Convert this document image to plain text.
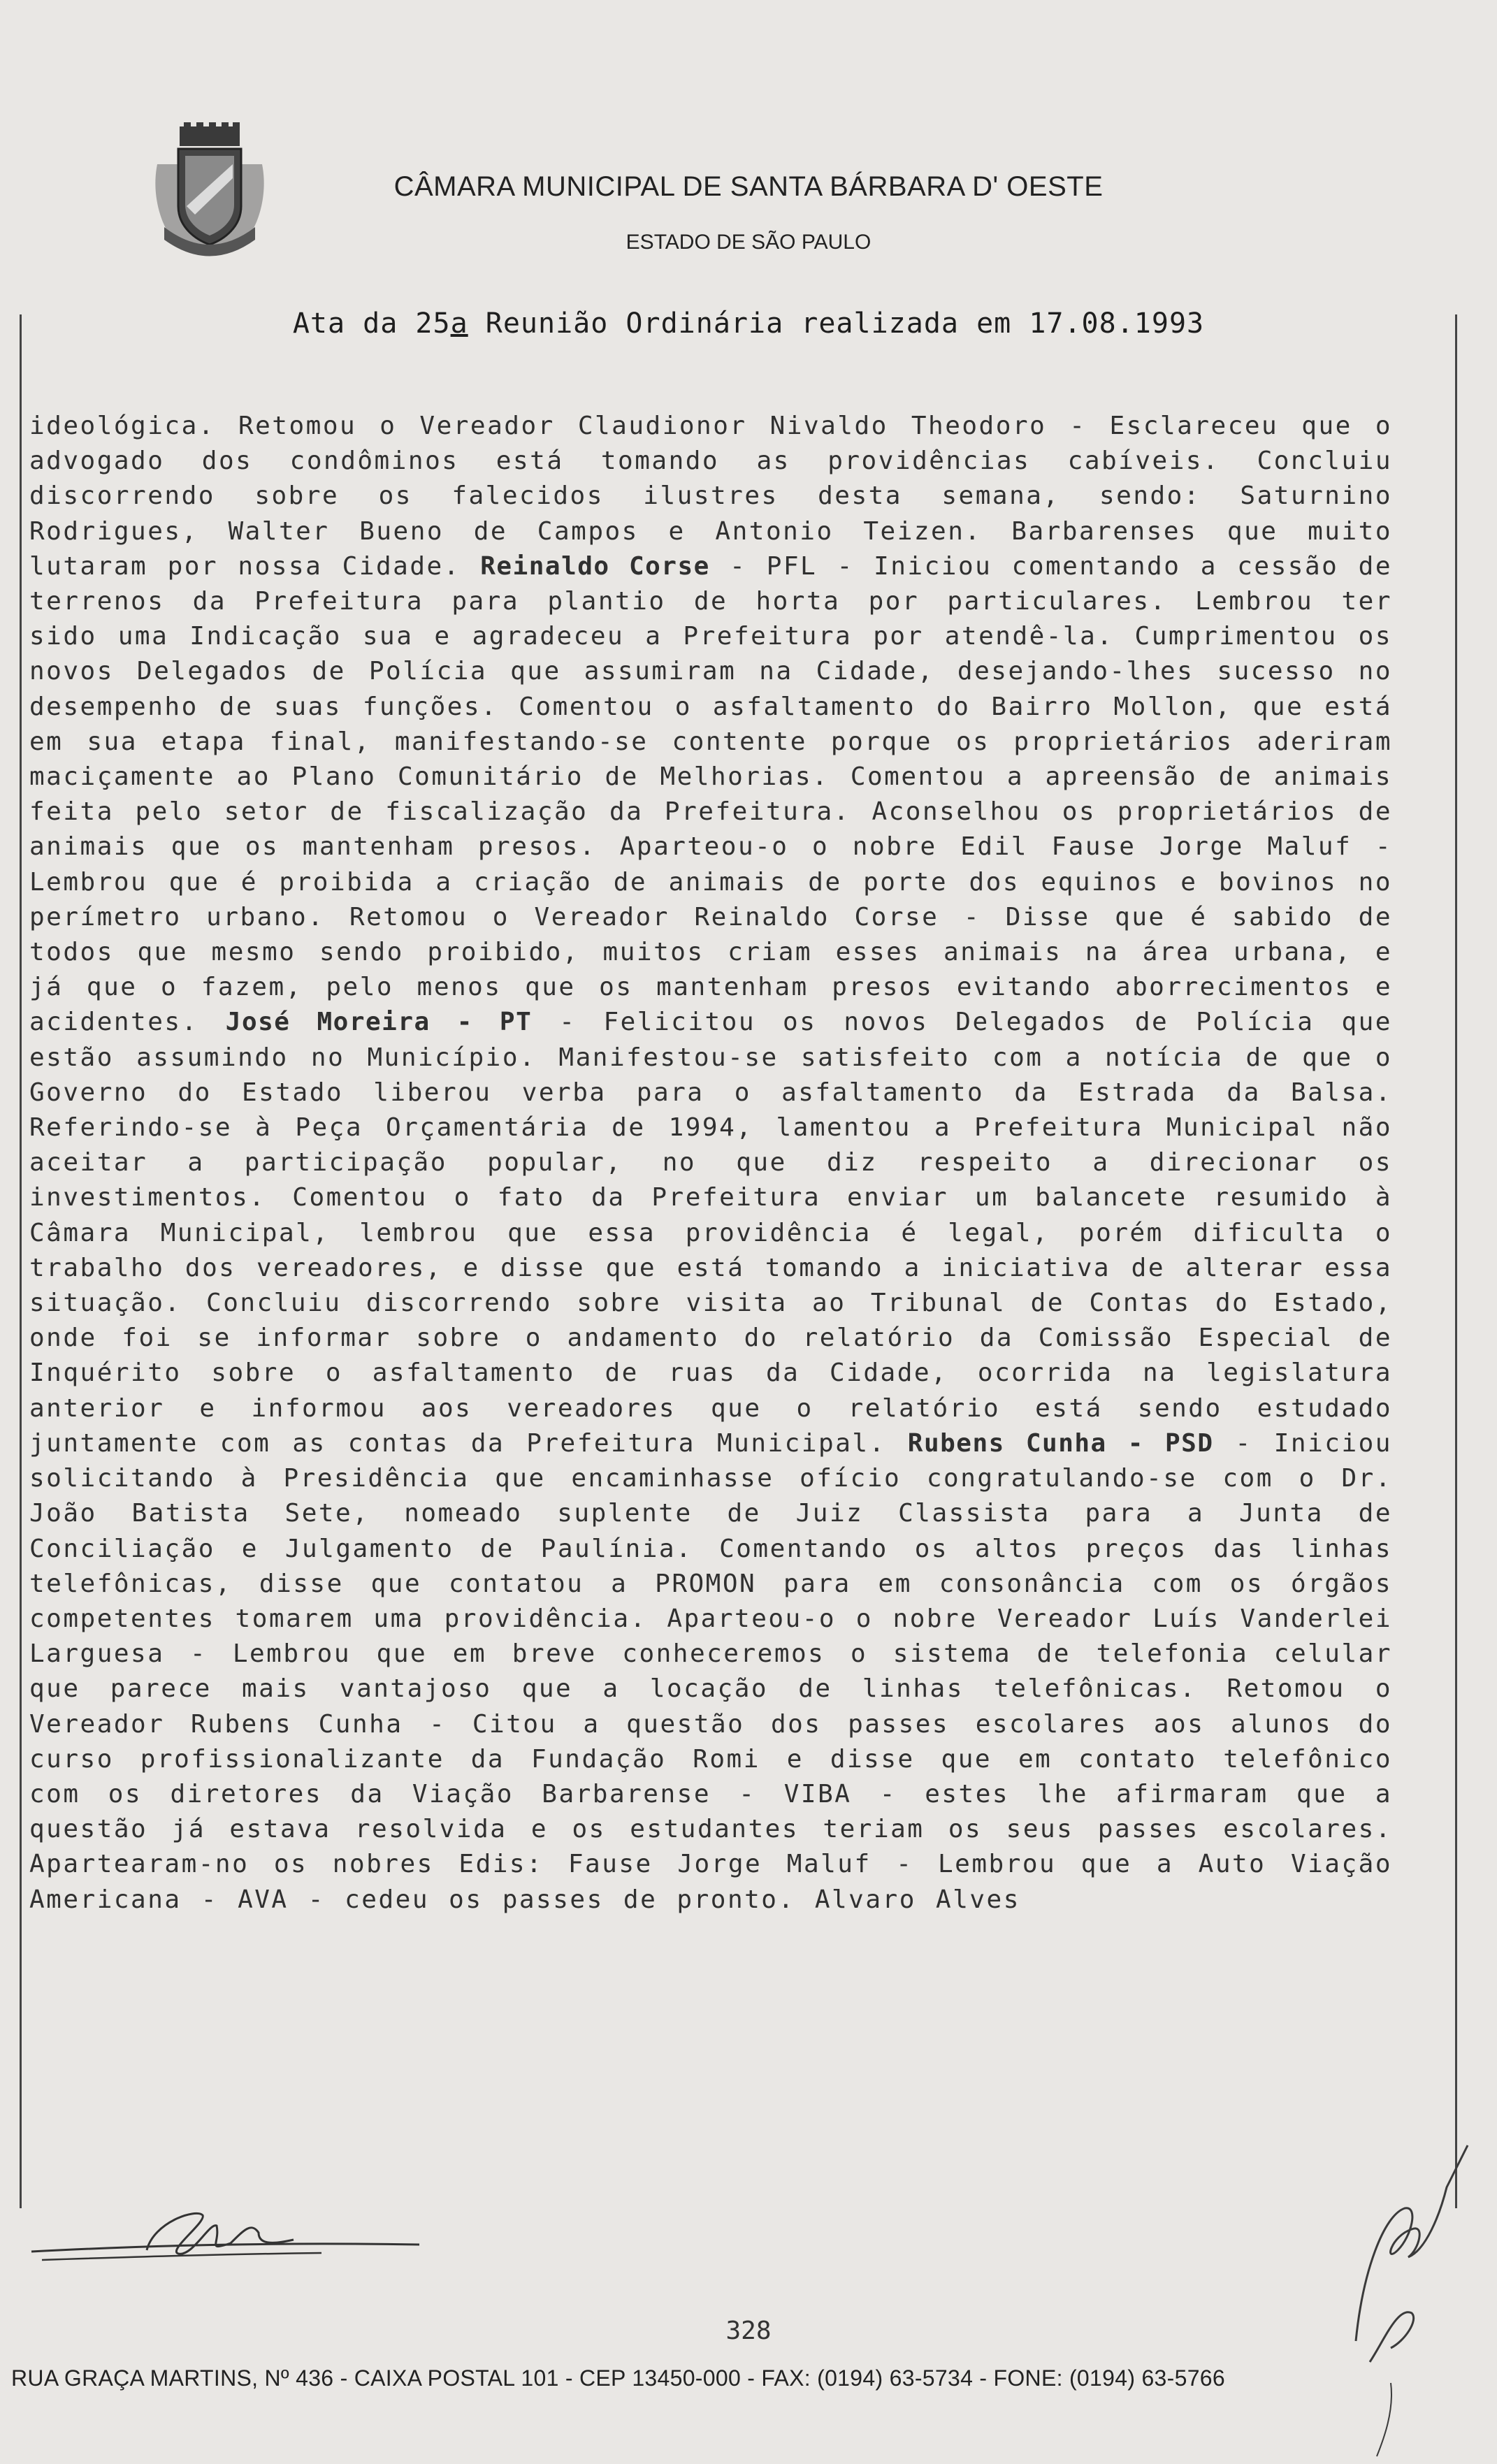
CÂMARA MUNICIPAL DE SANTA BÁRBARA D' OESTE
ESTADO DE SÃO PAULO
Ata da 25a Reunião Ordinária realizada em 17.08.1993

ideológica. Retomou o Vereador Claudionor Nivaldo Theodoro - Esclareceu que o advogado dos condôminos está tomando as providências cabíveis. Concluiu discorrendo sobre os falecidos ilustres desta semana, sendo: Saturnino Rodrigues, Walter Bueno de Campos e Antonio Teizen. Barbarenses que muito lutaram por nossa Cidade. Reinaldo Corse - PFL - Iniciou comentando a cessão de terrenos da Prefeitura para plantio de horta por particulares. Lembrou ter sido uma Indicação sua e agradeceu a Prefeitura por atendê-la. Cumprimentou os novos Delegados de Polícia que assumiram na Cidade, desejando-lhes sucesso no desempenho de suas funções. Comentou o asfaltamento do Bairro Mollon, que está em sua etapa final, manifestando-se contente porque os proprietários aderiram maciçamente ao Plano Comunitário de Melhorias. Comentou a apreensão de animais feita pelo setor de fiscalização da Prefeitura. Aconselhou os proprietários de animais que os mantenham presos. Aparteou-o o nobre Edil Fause Jorge Maluf - Lembrou que é proibida a criação de animais de porte dos equinos e bovinos no perímetro urbano. Retomou o Vereador Reinaldo Corse - Disse que é sabido de todos que mesmo sendo proibido, muitos criam esses animais na área urbana, e já que o fazem, pelo menos que os mantenham presos evitando aborrecimentos e acidentes. José Moreira - PT - Felicitou os novos Delegados de Polícia que estão assumindo no Município. Manifestou-se satisfeito com a notícia de que o Governo do Estado liberou verba para o asfaltamento da Estrada da Balsa. Referindo-se à Peça Orçamentária de 1994, lamentou a Prefeitura Municipal não aceitar a participação popular, no que diz respeito a direcionar os investimentos. Comentou o fato da Prefeitura enviar um balancete resumido à Câmara Municipal, lembrou que essa providência é legal, porém dificulta o trabalho dos vereadores, e disse que está tomando a iniciativa de alterar essa situação. Concluiu discorrendo sobre visita ao Tribunal de Contas do Estado, onde foi se informar sobre o andamento do relatório da Comissão Especial de Inquérito sobre o asfaltamento de ruas da Cidade, ocorrida na legislatura anterior e informou aos vereadores que o relatório está sendo estudado juntamente com as contas da Prefeitura Municipal. Rubens Cunha - PSD - Iniciou solicitando à Presidência que encaminhasse ofício congratulando-se com o Dr. João Batista Sete, nomeado suplente de Juiz Classista para a Junta de Conciliação e Julgamento de Paulínia. Comentando os altos preços das linhas telefônicas, disse que contatou a PROMON para em consonância com os órgãos competentes tomarem uma providência. Aparteou-o o nobre Vereador Luís Vanderlei Larguesa - Lembrou que em breve conheceremos o sistema de telefonia celular que parece mais vantajoso que a locação de linhas telefônicas. Retomou o Vereador Rubens Cunha - Citou a questão dos passes escolares aos alunos do curso profissionalizante da Fundação Romi e disse que em contato telefônico com os diretores da Viação Barbarense - VIBA - estes lhe afirmaram que a questão já estava resolvida e os estudantes teriam os seus passes escolares. Apartearam-no os nobres Edis: Fause Jorge Maluf - Lembrou que a Auto Viação Americana - AVA - cedeu os passes de pronto. Alvaro Alves

328
RUA GRAÇA MARTINS, Nº 436 - CAIXA POSTAL 101 - CEP 13450-000 - FAX: (0194) 63-5734 - FONE: (0194) 63-5766
